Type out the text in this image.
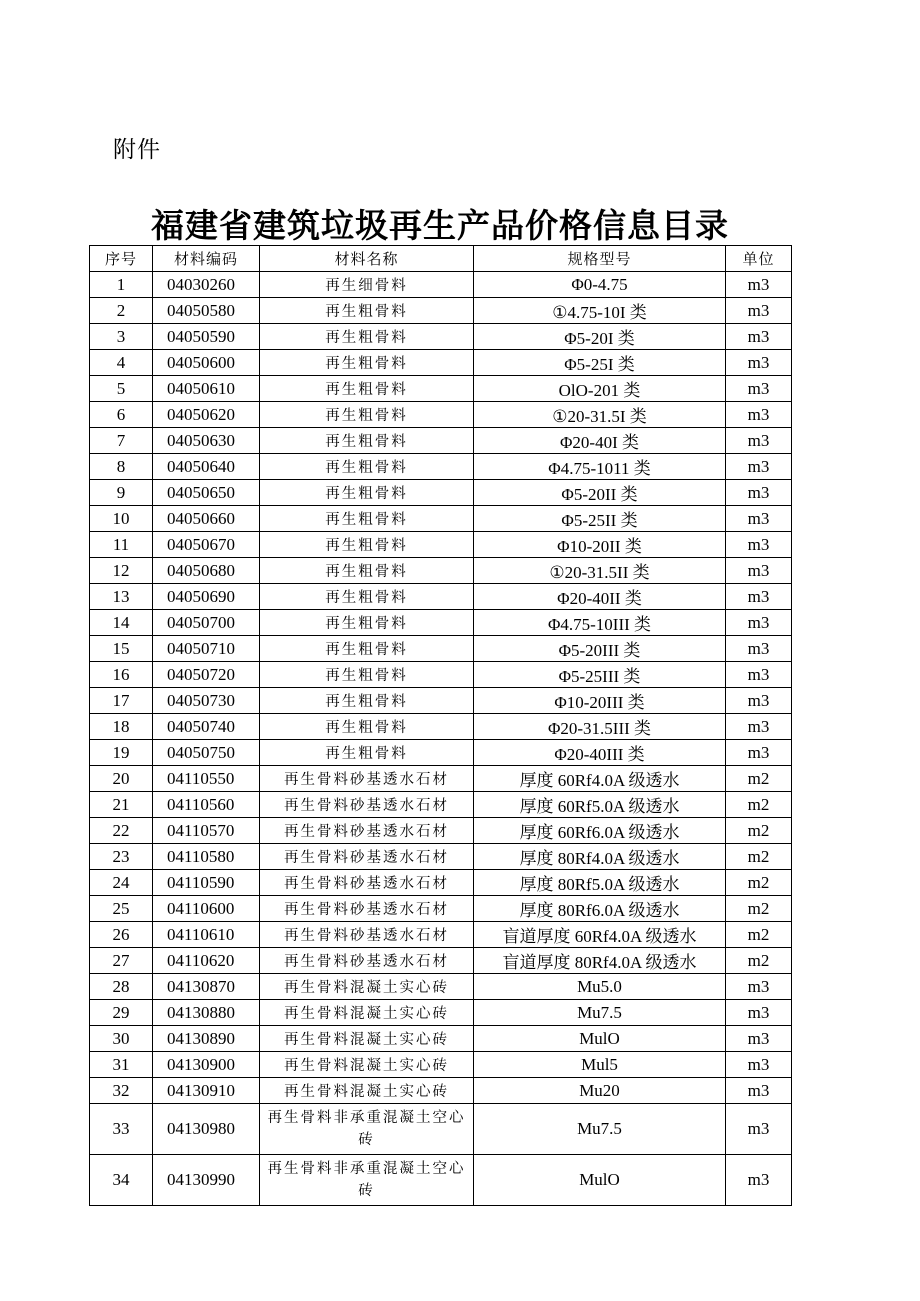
附件
福建省建筑垃圾再生产品价格信息目录
序号	材料编码	材料名称	规格型号	单位
1	04030260	再生细骨料	Φ0-4.75	m3
2	04050580	再生粗骨料	①4.75-10I 类	m3
3	04050590	再生粗骨料	Φ5-20I 类	m3
4	04050600	再生粗骨料	Φ5-25I 类	m3
5	04050610	再生粗骨料	OlO-201 类	m3
6	04050620	再生粗骨料	①20-31.5I 类	m3
7	04050630	再生粗骨料	Φ20-40I 类	m3
8	04050640	再生粗骨料	Φ4.75-1011 类	m3
9	04050650	再生粗骨料	Φ5-20II 类	m3
10	04050660	再生粗骨料	Φ5-25II 类	m3
11	04050670	再生粗骨料	Φ10-20II 类	m3
12	04050680	再生粗骨料	①20-31.5II 类	m3
13	04050690	再生粗骨料	Φ20-40II 类	m3
14	04050700	再生粗骨料	Φ4.75-10III 类	m3
15	04050710	再生粗骨料	Φ5-20III 类	m3
16	04050720	再生粗骨料	Φ5-25III 类	m3
17	04050730	再生粗骨料	Φ10-20III 类	m3
18	04050740	再生粗骨料	Φ20-31.5III 类	m3
19	04050750	再生粗骨料	Φ20-40III 类	m3
20	04110550	再生骨料砂基透水石材	厚度 60Rf4.0A 级透水	m2
21	04110560	再生骨料砂基透水石材	厚度 60Rf5.0A 级透水	m2
22	04110570	再生骨料砂基透水石材	厚度 60Rf6.0A 级透水	m2
23	04110580	再生骨料砂基透水石材	厚度 80Rf4.0A 级透水	m2
24	04110590	再生骨料砂基透水石材	厚度 80Rf5.0A 级透水	m2
25	04110600	再生骨料砂基透水石材	厚度 80Rf6.0A 级透水	m2
26	04110610	再生骨料砂基透水石材	盲道厚度 60Rf4.0A 级透水	m2
27	04110620	再生骨料砂基透水石材	盲道厚度 80Rf4.0A 级透水	m2
28	04130870	再生骨料混凝土实心砖	Mu5.0	m3
29	04130880	再生骨料混凝土实心砖	Mu7.5	m3
30	04130890	再生骨料混凝土实心砖	MulO	m3
31	04130900	再生骨料混凝土实心砖	Mul5	m3
32	04130910	再生骨料混凝土实心砖	Mu20	m3
33	04130980	再生骨料非承重混凝土空心砖	Mu7.5	m3
34	04130990	再生骨料非承重混凝土空心砖	MulO	m3
